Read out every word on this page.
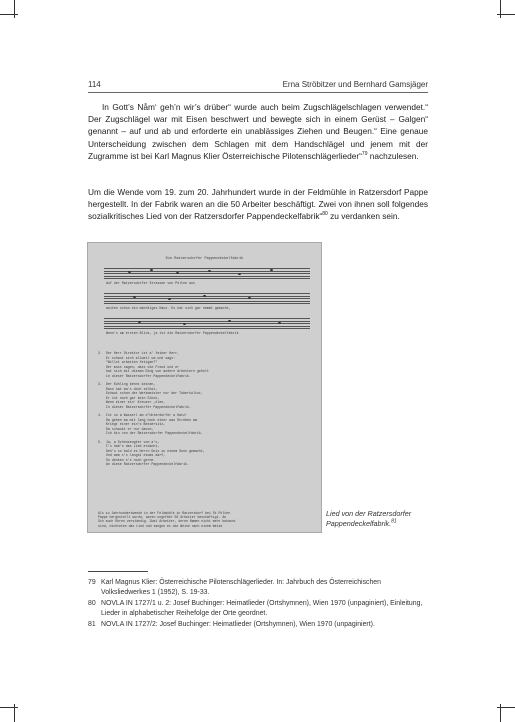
114	Erna Ströbitzer und Bernhard Gamsjäger
In Gott’s Nåm‘ geh’n wir’s drüber“ wurde auch beim Zugschlägelschlagen verwendet.“ Der Zugschlägel war mit Eisen beschwert und bewegte sich in einem Gerüst – Galgen“ genannt – auf und ab und erforderte ein unablässiges Ziehen und Beugen.“ Eine genaue Unterscheidung zwischen dem Schlagen mit dem Handschlägel und jenem mit der Zugramme ist bei Karl Magnus Klier Österreichische Pilotenschlägerlieder“$^{79}$ nachzulesen.
Um die Wende vom 19. zum 20. Jahrhundert wurde in der Feldmühle in Ratzersdorf Pappe hergestellt. In der Fabrik waren an die 50 Arbeiter beschäftigt. Zwei von ihnen soll folgendes sozialkritisches Lied von der Ratzersdorfer Pappendeckelfabrik“$^{80}$ zu verdanken sein.
Die Ratzersdorfer Pappendeckelfabrik
Auf der Ratzersdorfer Strassen von Pölten aus
weiten schon ein mächtiges Haus. Es hat sich gar nemmt gemacht,
Wenn's am ersten Blick, ja ist die Ratzersdorfer Pappendeckelfabrik

2.  Der Herr Direktor ist a' feiner Herr,
Er schaut sich allweil um und sagt:
"Willst arbeiten fetigen?"
Der muss sagen, dass die Freud und er
hat sich mit diesem Ding von andern Arbeitern geholt
in dieser Ratzersdorfer Pappendeckelfabrik.

3.  Der Kühling kennt keinen,
Dass hat ma's doch selbst,
Schaut schon der Werkmeister vor der Tuberkultur,
Er ist noch gar kein Glück,
Wenn einer ein' Kreuzer ,ölen,
In dieser Ratzersdorfer Pappendeckelfabrik.

4.  Ist so a Wasserl am d'Unterdorfer a Hatz!
Da gehen ma mit lang hoch einer was Streben am
Kriegt einer ein's Bessersitz,
Da schaukt er nur davon,
Ich bin von der Ratzersdorfer Pappendeckelfabrik.

5.  Ja, a Schönzeugter von a's,
I's hab's das Lied erdacht,
Geh's so bald es Herrn Gnis zu einem Sonn gemacht,
Und wem s's langst etwas darf,
So denken s's noch gerne
An diese Ratzersdorfer Pappendeckelfabrik.

Als zu Jahrhundertwende in der Feldmühle in Ratzersdorf bei St.Pölten
Pappe hergestellt wurde, waren ungefähr 50 Arbeiter beschäftigt. An
Sch auch Ohren verständig. Zwei Arbeiter, deren Namen nicht mehr bekannt
sind, dichteten das Lied und sangen es die Weise nach einem Weise

Lied von der Ratzersdorfer Pappendeckelfabrik.$^{81}$
79 Karl Magnus Klier: Österreichische Pilotenschlägerlieder. In: Jahrbuch des Österreichischen Volksliedwerkes 1 (1952), S. 19-33.
80 NOVLA IN 1727/1 u. 2: Josef Buchinger: Heimatlieder (Ortshymnen), Wien 1970 (unpaginiert), Einleitung, Lieder in alphabetischer Reihefolge der Orte geordnet.
81 NOVLA IN 1727/2: Josef Buchinger: Heimatlieder (Ortshymnen), Wien 1970 (unpaginiert).
